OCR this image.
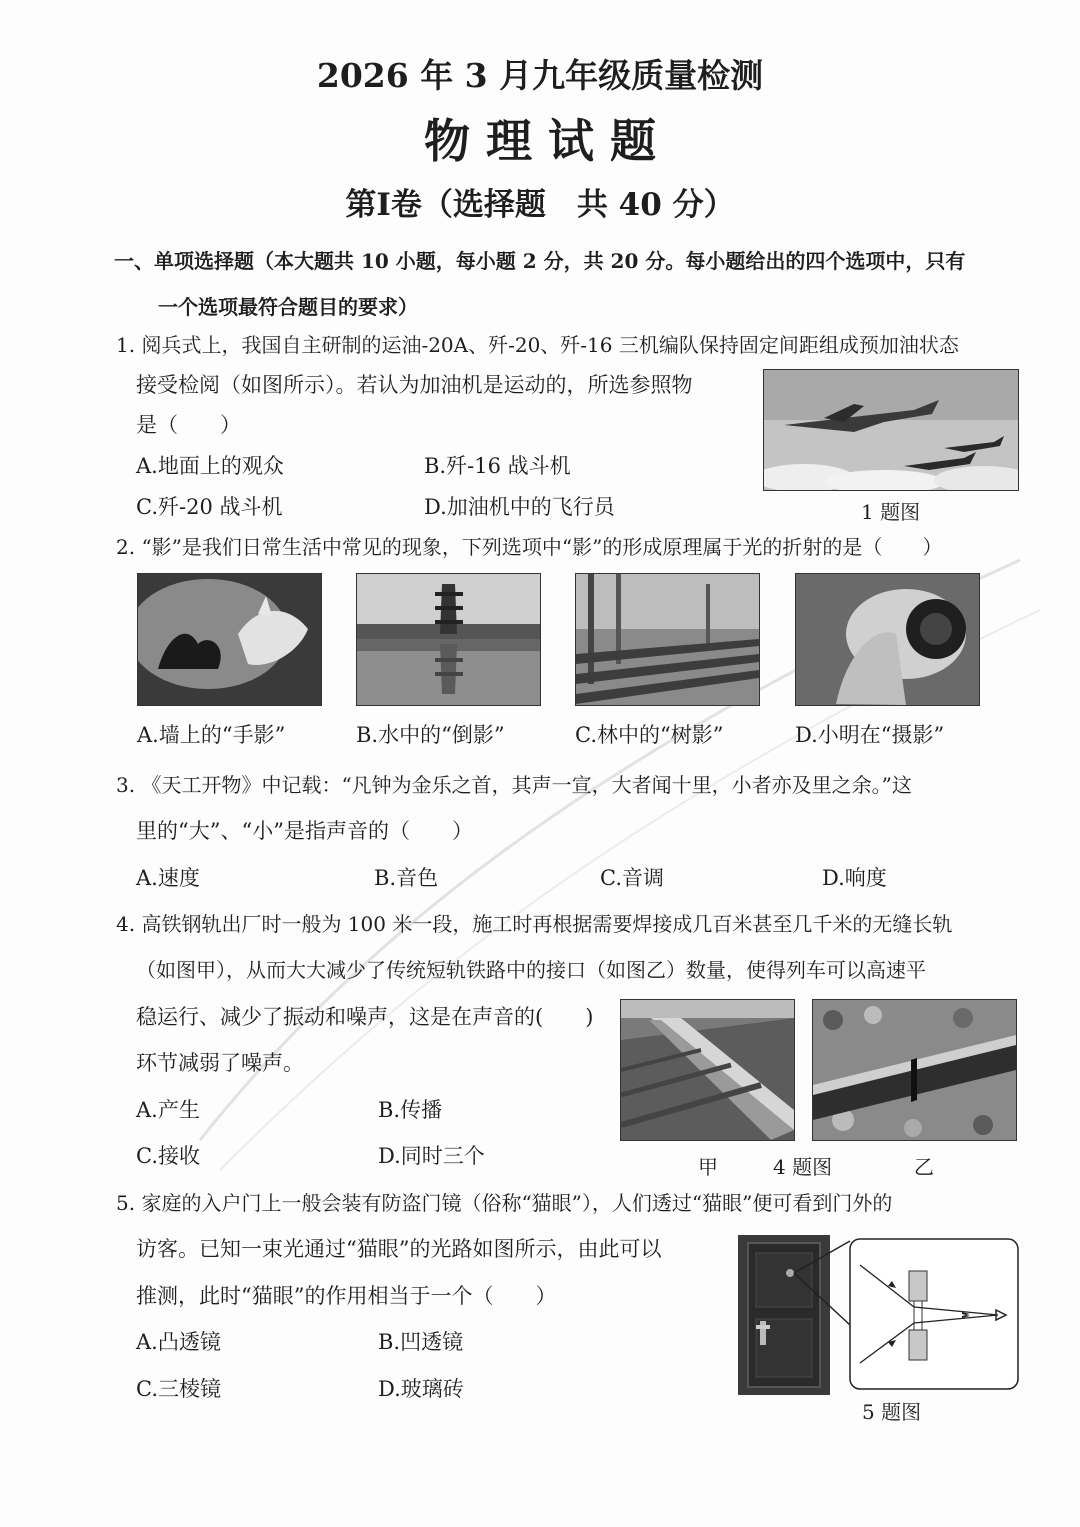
2026 年 3 月九年级质量检测
物 理 试 题
第Ⅰ卷（选择题　共 40 分）
一、单项选择题（本大题共 10 小题，每小题 2 分，共 20 分。每小题给出的四个选项中，只有
一个选项最符合题目的要求）
1. 阅兵式上，我国自主研制的运油-20A、歼-20、歼-16 三机编队保持固定间距组成预加油状态
接受检阅（如图所示）。若认为加油机是运动的，所选参照物
是（　　）
A.地面上的观众	B.歼-16 战斗机
C.歼-20 战斗机	D.加油机中的飞行员	1 题图
2. “影”是我们日常生活中常见的现象，下列选项中“影”的形成原理属于光的折射的是（　　）
A.墙上的“手影”	B.水中的“倒影”	C.林中的“树影”	D.小明在“摄影”
3. 《天工开物》中记载：“凡钟为金乐之首，其声一宣，大者闻十里，小者亦及里之余。”这
里的“大”、“小”是指声音的（　　）
A.速度	B.音色	C.音调	D.响度
4. 高铁钢轨出厂时一般为 100 米一段，施工时再根据需要焊接成几百米甚至几千米的无缝长轨
（如图甲），从而大大减少了传统短轨铁路中的接口（如图乙）数量，使得列车可以高速平
稳运行、减少了振动和噪声，这是在声音的(　　)
环节减弱了噪声。
A.产生	B.传播
C.接收	D.同时三个	甲	4 题图	乙
5. 家庭的入户门上一般会装有防盗门镜（俗称“猫眼”），人们透过“猫眼”便可看到门外的
访客。已知一束光通过“猫眼”的光路如图所示，由此可以
推测，此时“猫眼”的作用相当于一个（　　）
A.凸透镜	B.凹透镜
C.三棱镜	D.玻璃砖
5 题图
